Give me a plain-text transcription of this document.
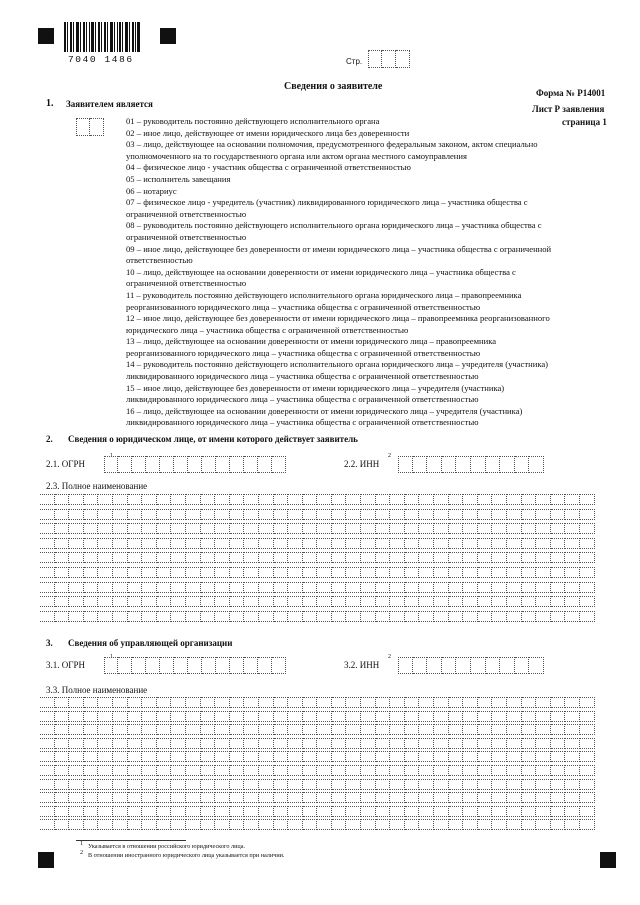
7040 1486	Стр.
Сведения о заявителе
Форма № Р14001
Лист Р заявления
страница 1
1. Заявителем является
01 – руководитель постоянно действующего исполнительного органа
02 – иное лицо, действующее от имени юридического лица без доверенности
03 – лицо, действующее на основании полномочия, предусмотренного федеральным законом, актом специально
уполномоченного на то государственного органа или актом органа местного самоуправления
04 – физическое лицо - участник общества с ограниченной ответственностью
05 – исполнитель завещания
06 – нотариус
07 – физическое лицо - учредитель (участник) ликвидированного юридического лица – участника общества с
ограниченной ответственностью
08 – руководитель постоянно действующего исполнительного органа юридического лица – участника общества с
ограниченной ответственностью
09 – иное лицо, действующее без доверенности от имени юридического лица – участника общества с ограниченной
ответственностью
10 – лицо, действующее на основании доверенности от имени юридического лица – участника общества с
ограниченной ответственностью
11 – руководитель постоянно действующего исполнительного органа юридического лица – правопреемника
реорганизованного юридического лица – участника общества с ограниченной ответственностью
12 – иное лицо, действующее без доверенности от имени юридического лица – правопреемника реорганизованного
юридического лица – участника общества с ограниченной ответственностью
13 – лицо, действующее на основании доверенности от имени юридического лица – правопреемника
реорганизованного юридического лица – участника общества с ограниченной ответственностью
14 – руководитель постоянно действующего исполнительного органа юридического лица – учредителя (участника)
ликвидированного юридического лица – участника общества с ограниченной ответственностью
15 – иное лицо, действующее без доверенности от имени юридического лица – учредителя (участника)
ликвидированного юридического лица – участника общества с ограниченной ответственностью
16 – лицо, действующее на основании доверенности от имени юридического лица – учредителя (участника)
ликвидированного юридического лица – участника общества с ограниченной ответственностью
2. Сведения о юридическом лице, от имени которого действует заявитель
2.1. ОГРН
1
2.2. ИНН
2
2.3. Полное наименование
3. Сведения об управляющей организации
3.1. ОГРН
1
3.2. ИНН
2
3.3. Полное наименование
1 Указывается в отношении российского юридического лица.
2 В отношении иностранного юридического лица указывается при наличии.
